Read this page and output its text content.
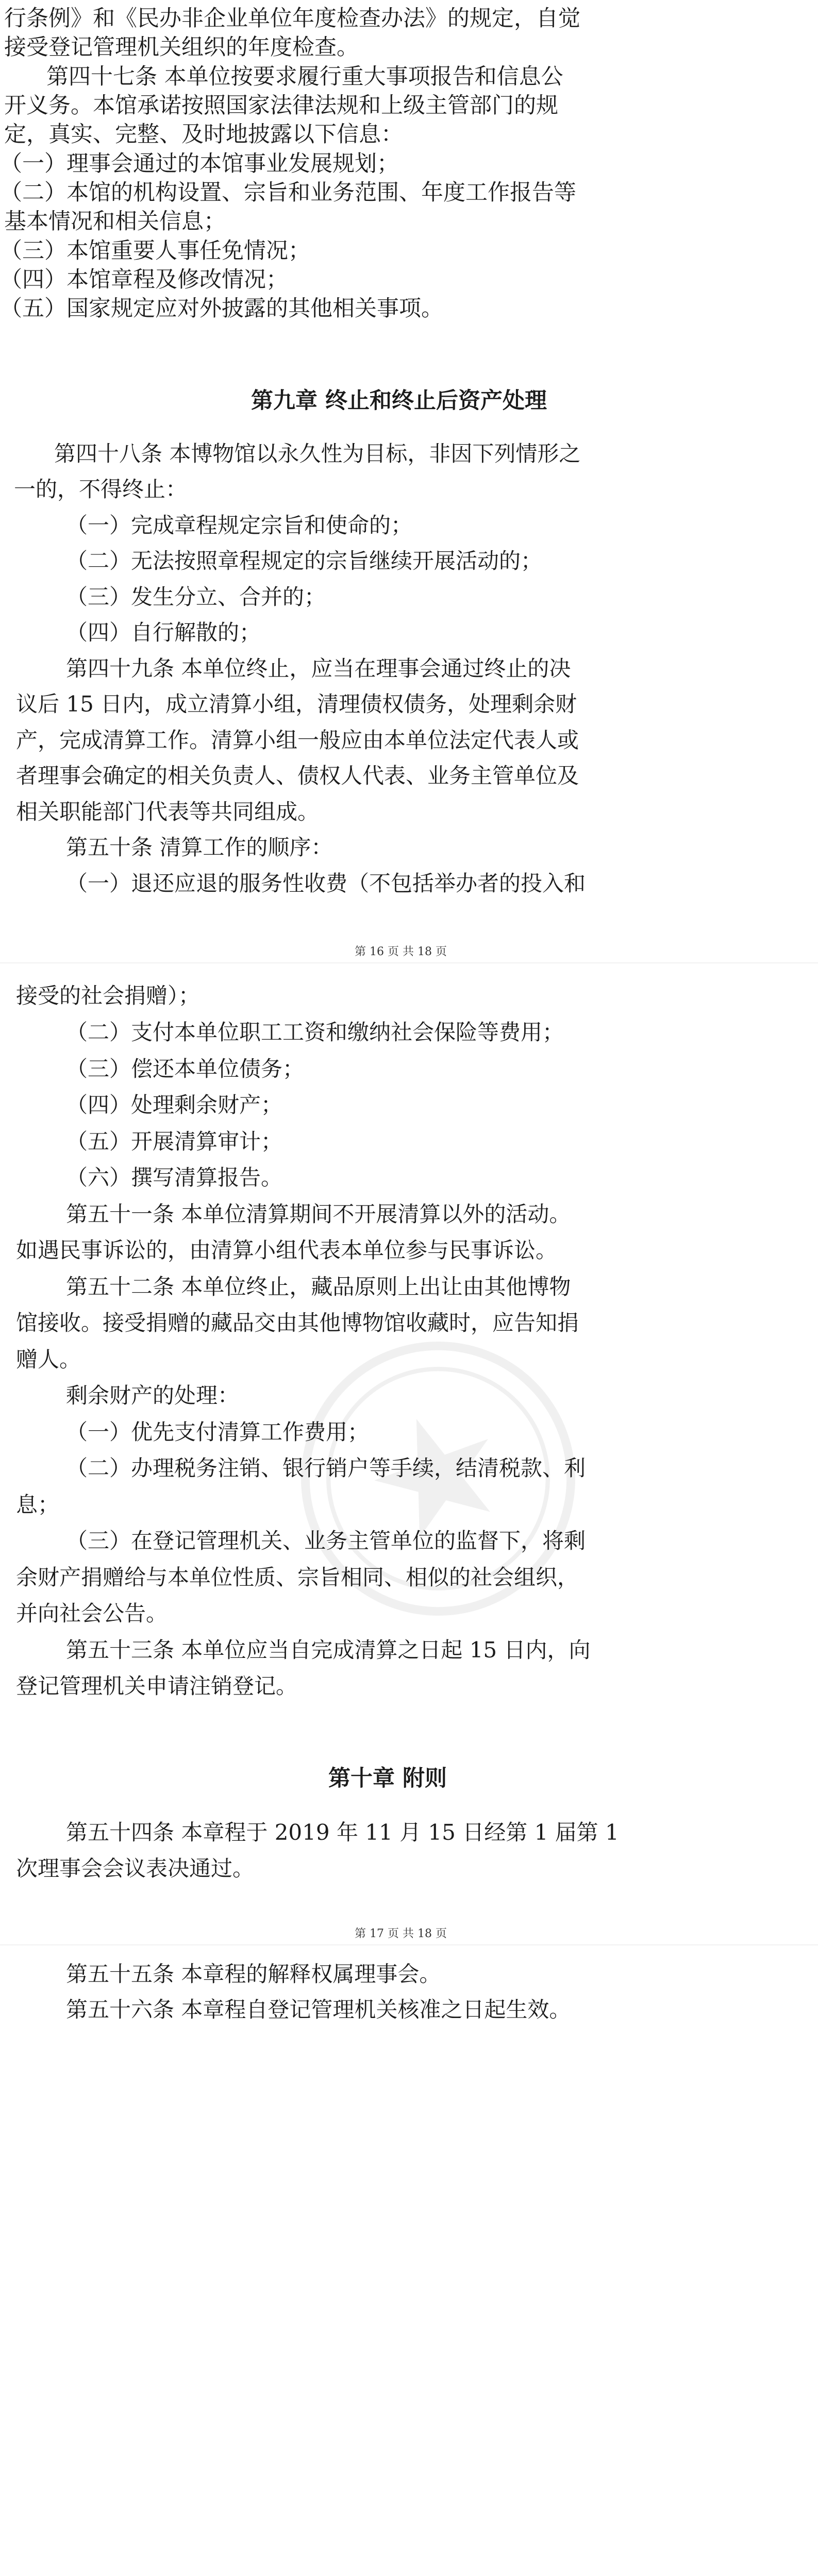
行条例》和《民办非企业单位年度检查办法》的规定，自觉

接受登记管理机关组织的年度检查。

第四十七条 本单位按要求履行重大事项报告和信息公

开义务。本馆承诺按照国家法律法规和上级主管部门的规

定，真实、完整、及时地披露以下信息：

（一）理事会通过的本馆事业发展规划；

（二）本馆的机构设置、宗旨和业务范围、年度工作报告等

基本情况和相关信息；

（三）本馆重要人事任免情况；

（四）本馆章程及修改情况；

（五）国家规定应对外披露的其他相关事项。

第九章 终止和终止后资产处理

第四十八条 本博物馆以永久性为目标，非因下列情形之

一的，不得终止：

（一）完成章程规定宗旨和使命的；

（二）无法按照章程规定的宗旨继续开展活动的；

（三）发生分立、合并的；

（四）自行解散的；

第四十九条 本单位终止，应当在理事会通过终止的决

议后 15 日内，成立清算小组，清理债权债务，处理剩余财

产，完成清算工作。清算小组一般应由本单位法定代表人或

者理事会确定的相关负责人、债权人代表、业务主管单位及

相关职能部门代表等共同组成。

第五十条 清算工作的顺序：

（一）退还应退的服务性收费（不包括举办者的投入和

第 16 页 共 18 页

接受的社会捐赠）；

（二）支付本单位职工工资和缴纳社会保险等费用；

（三）偿还本单位债务；

（四）处理剩余财产；

（五）开展清算审计；

（六）撰写清算报告。

第五十一条 本单位清算期间不开展清算以外的活动。

如遇民事诉讼的，由清算小组代表本单位参与民事诉讼。

第五十二条 本单位终止，藏品原则上出让由其他博物

馆接收。接受捐赠的藏品交由其他博物馆收藏时，应告知捐

赠人。

剩余财产的处理：

（一）优先支付清算工作费用；

（二）办理税务注销、银行销户等手续，结清税款、利

息；

（三）在登记管理机关、业务主管单位的监督下，将剩

余财产捐赠给与本单位性质、宗旨相同、相似的社会组织，

并向社会公告。

第五十三条 本单位应当自完成清算之日起 15 日内，向

登记管理机关申请注销登记。

第十章 附则

第五十四条 本章程于 2019 年 11 月 15 日经第 1 届第 1

次理事会会议表决通过。

第 17 页 共 18 页

第五十五条 本章程的解释权属理事会。

第五十六条 本章程自登记管理机关核准之日起生效。
